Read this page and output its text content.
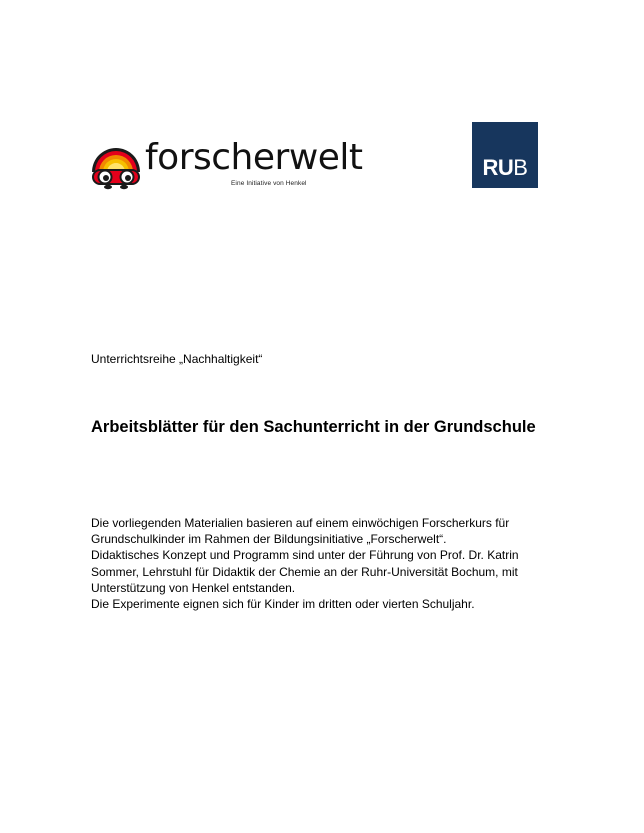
forscherwelt
Eine Initiative von Henkel
RUB
Unterrichtsreihe „Nachhaltigkeit“
Arbeitsblätter für den Sachunterricht in der Grundschule
Die vorliegenden Materialien basieren auf einem einwöchigen Forscherkurs für
Grundschulkinder im Rahmen der Bildungsinitiative „Forscherwelt“.
Didaktisches Konzept und Programm sind unter der Führung von Prof. Dr. Katrin
Sommer, Lehrstuhl für Didaktik der Chemie an der Ruhr-Universität Bochum, mit
Unterstützung von Henkel entstanden.
Die Experimente eignen sich für Kinder im dritten oder vierten Schuljahr.
